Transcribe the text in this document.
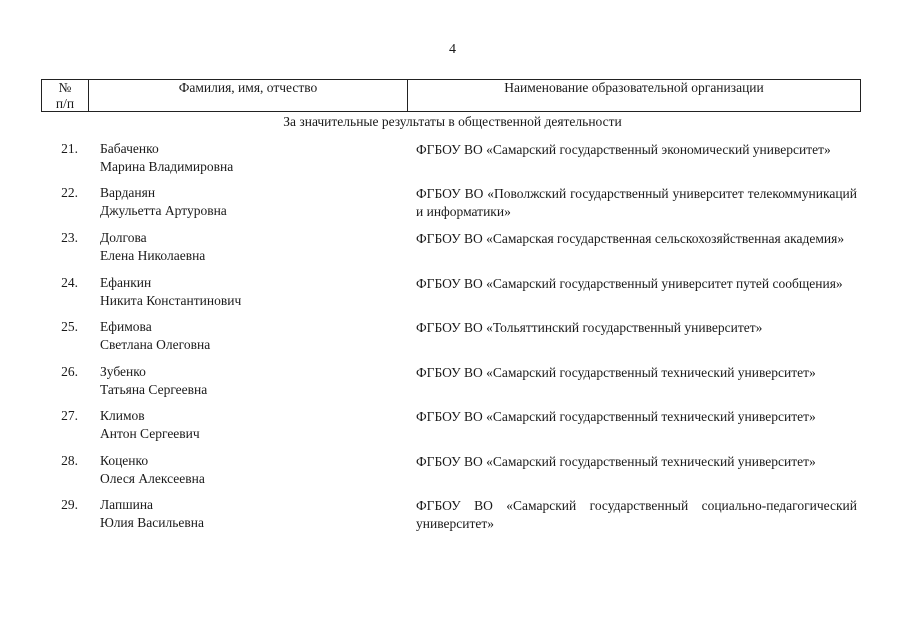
4
№
п/п
Фамилия, имя, отчество	Наименование образовательной организации
За значительные результаты в общественной деятельности
21. Бабаченко
Марина Владимировна
ФГБОУ ВО «Самарский государственный экономический университет»
22. Варданян
Джульетта Артуровна
ФГБОУ ВО «Поволжский государственный университет телекоммуникаций и информатики»
23. Долгова
Елена Николаевна
ФГБОУ ВО «Самарская государственная сельскохозяйственная академия»
24. Ефанкин
Никита Константинович
ФГБОУ ВО «Самарский государственный университет путей сообщения»
25. Ефимова
Светлана Олеговна
ФГБОУ ВО «Тольяттинский государственный университет»
26. Зубенко
Татьяна Сергеевна
ФГБОУ ВО «Самарский государственный технический университет»
27. Климов
Антон Сергеевич
ФГБОУ ВО «Самарский государственный технический университет»
28. Коценко
Олеся Алексеевна
ФГБОУ ВО «Самарский государственный технический университет»
29. Лапшина
Юлия Васильевна
ФГБОУ ВО «Самарский государственный социально-педагогический университет»
